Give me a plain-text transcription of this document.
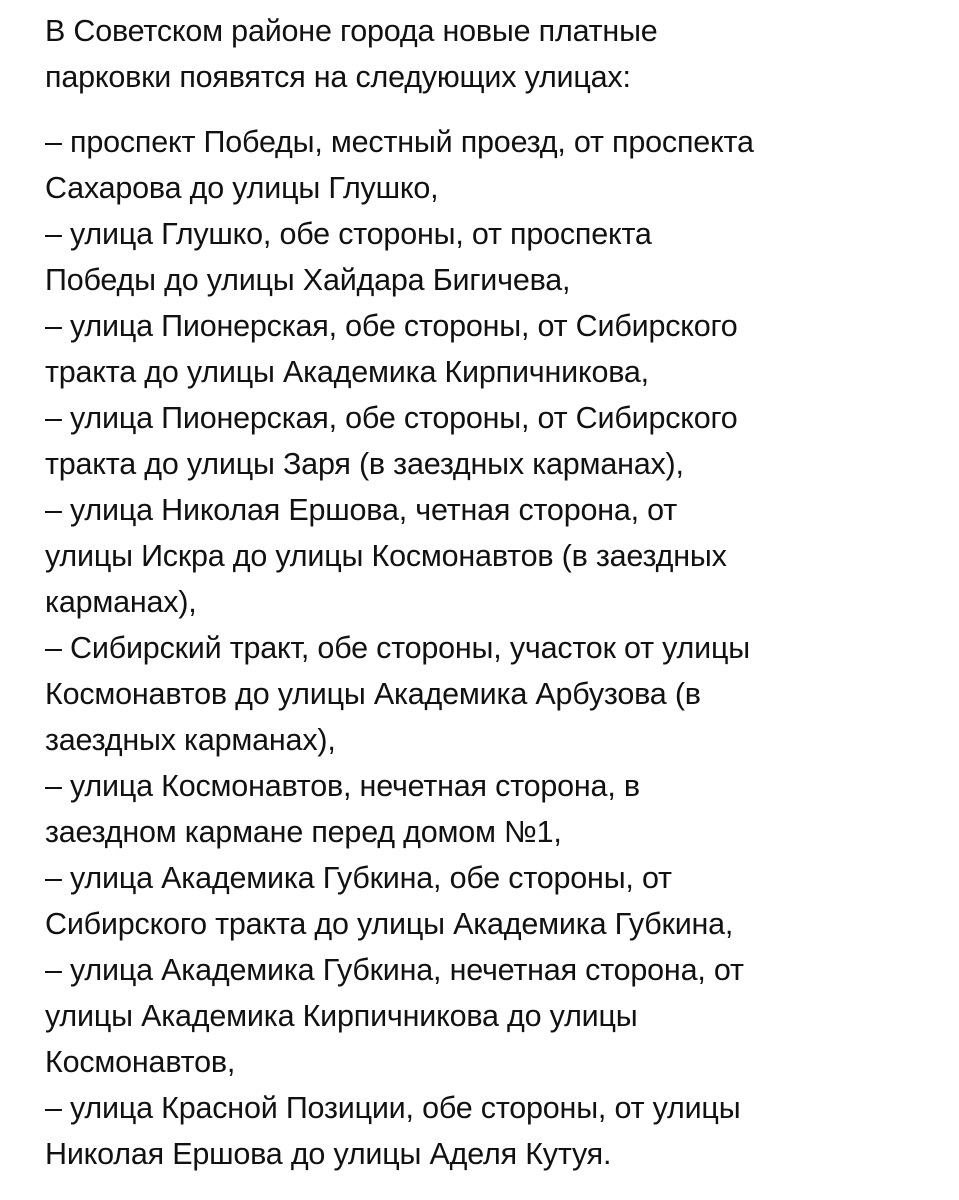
В Советском районе города новые платные
парковки появятся на следующих улицах:
– проспект Победы, местный проезд, от проспекта
Сахарова до улицы Глушко,
– улица Глушко, обе стороны, от проспекта
Победы до улицы Хайдара Бигичева,
– улица Пионерская, обе стороны, от Сибирского
тракта до улицы Академика Кирпичникова,
– улица Пионерская, обе стороны, от Сибирского
тракта до улицы Заря (в заездных карманах),
– улица Николая Ершова, четная сторона, от
улицы Искра до улицы Космонавтов (в заездных
карманах),
– Сибирский тракт, обе стороны, участок от улицы
Космонавтов до улицы Академика Арбузова (в
заездных карманах),
– улица Космонавтов, нечетная сторона, в
заездном кармане перед домом №1,
– улица Академика Губкина, обе стороны, от
Сибирского тракта до улицы Академика Губкина,
– улица Академика Губкина, нечетная сторона, от
улицы Академика Кирпичникова до улицы
Космонавтов,
– улица Красной Позиции, обе стороны, от улицы
Николая Ершова до улицы Аделя Кутуя.
